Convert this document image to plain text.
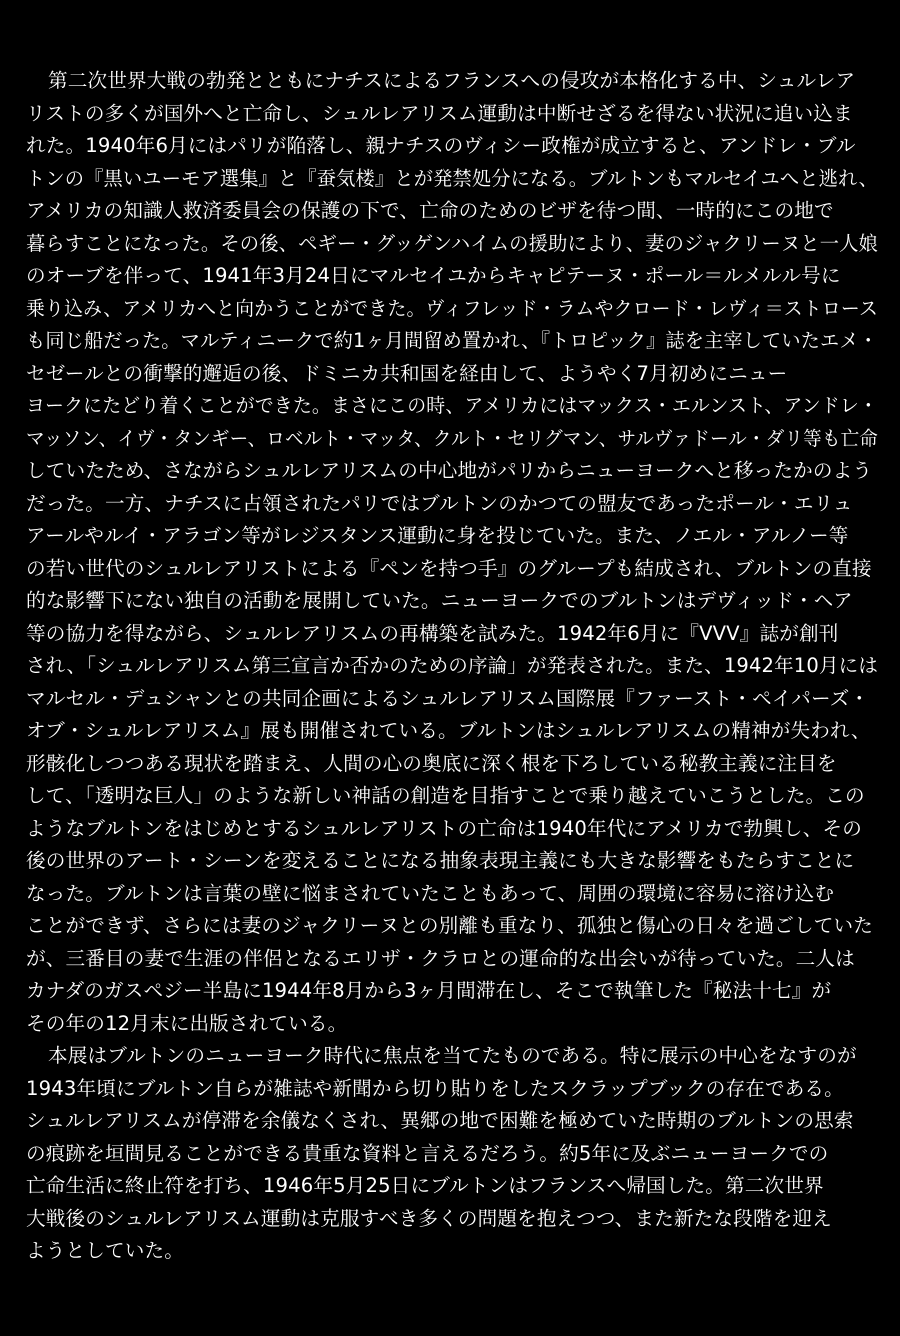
第二次世界大戦の勃発とともにナチスによるフランスへの侵攻が本格化する中、シュルレア
リストの多くが国外へと亡命し、シュルレアリスム運動は中断せざるを得ない状況に追い込ま
れた。1940年6月にはパリが陥落し、親ナチスのヴィシー政権が成立すると、アンドレ・ブル
トンの『黒いユーモア選集』と『蚕気楼』とが発禁処分になる。ブルトンもマルセイユへと逃れ、
アメリカの知識人救済委員会の保護の下で、亡命のためのビザを待つ間、一時的にこの地で
暮らすことになった。その後、ペギー・グッゲンハイムの援助により、妻のジャクリーヌと一人娘
のオーブを伴って、1941年3月24日にマルセイユからキャピテーヌ・ポール＝ルメルル号に
乗り込み、アメリカへと向かうことができた。ヴィフレッド・ラムやクロード・レヴィ＝ストロース
も同じ船だった。マルティニークで約1ヶ月間留め置かれ、『トロピック』誌を主宰していたエメ・
セゼールとの衝撃的邂逅の後、ドミニカ共和国を経由して、ようやく7月初めにニュー
ヨークにたどり着くことができた。まさにこの時、アメリカにはマックス・エルンスト、アンドレ・
マッソン、イヴ・タンギー、ロベルト・マッタ、クルト・セリグマン、サルヴァドール・ダリ等も亡命
していたため、さながらシュルレアリスムの中心地がパリからニューヨークへと移ったかのよう
だった。一方、ナチスに占領されたパリではブルトンのかつての盟友であったポール・エリュ
アールやルイ・アラゴン等がレジスタンス運動に身を投じていた。また、ノエル・アルノー等
の若い世代のシュルレアリストによる『ペンを持つ手』のグループも結成され、ブルトンの直接
的な影響下にない独自の活動を展開していた。ニューヨークでのブルトンはデヴィッド・ヘア
等の協力を得ながら、シュルレアリスムの再構築を試みた。1942年6月に『VVV』誌が創刊
され、「シュルレアリスム第三宣言か否かのための序論」が発表された。また、1942年10月には
マルセル・デュシャンとの共同企画によるシュルレアリスム国際展『ファースト・ペイパーズ・
オブ・シュルレアリスム』展も開催されている。ブルトンはシュルレアリスムの精神が失われ、
形骸化しつつある現状を踏まえ、人間の心の奥底に深く根を下ろしている秘教主義に注目を
して、「透明な巨人」のような新しい神話の創造を目指すことで乗り越えていこうとした。この
ようなブルトンをはじめとするシュルレアリストの亡命は1940年代にアメリカで勃興し、その
後の世界のアート・シーンを変えることになる抽象表現主義にも大きな影響をもたらすことに
なった。ブルトンは言葉の壁に悩まされていたこともあって、周囲の環境に容易に溶け込む
ことができず、さらには妻のジャクリーヌとの別離も重なり、孤独と傷心の日々を過ごしていた
が、三番目の妻で生涯の伴侶となるエリザ・クラロとの運命的な出会いが待っていた。二人は
カナダのガスペジー半島に1944年8月から3ヶ月間滞在し、そこで執筆した『秘法十七』が
その年の12月末に出版されている。
本展はブルトンのニューヨーク時代に焦点を当てたものである。特に展示の中心をなすのが
1943年頃にブルトン自らが雑誌や新聞から切り貼りをしたスクラップブックの存在である。
シュルレアリスムが停滞を余儀なくされ、異郷の地で困難を極めていた時期のブルトンの思索
の痕跡を垣間見ることができる貴重な資料と言えるだろう。約5年に及ぶニューヨークでの
亡命生活に終止符を打ち、1946年5月25日にブルトンはフランスへ帰国した。第二次世界
大戦後のシュルレアリスム運動は克服すべき多くの問題を抱えつつ、また新たな段階を迎え
ようとしていた。
